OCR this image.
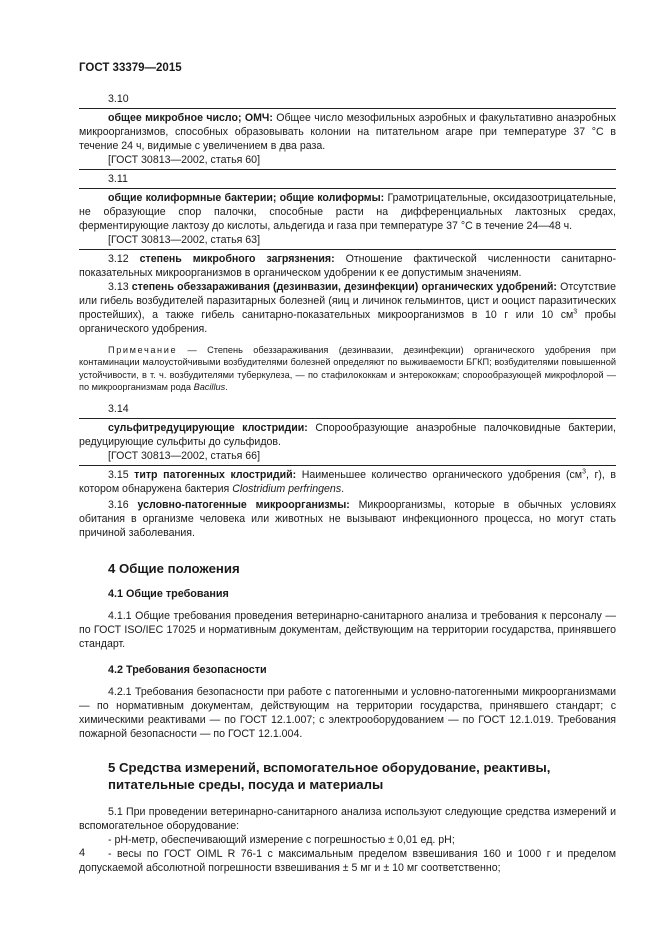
ГОСТ 33379—2015
3.10

общее микробное число; ОМЧ: Общее число мезофильных аэробных и факультативно анаэробных микроорганизмов, способных образовывать колонии на питательном агаре при температуре 37 °С в течение 24 ч, видимые с увеличением в два раза.

[ГОСТ 30813—2002, статья 60]

3.11

общие колиформные бактерии; общие колиформы: Грамотрицательные, оксидазоотрицательные, не образующие спор палочки, способные расти на дифференциальных лактозных средах, ферментирующие лактозу до кислоты, альдегида и газа при температуре 37 °С в течение 24—48 ч.

[ГОСТ 30813—2002, статья 63]

3.12 степень микробного загрязнения: Отношение фактической численности санитарно-показательных микроорганизмов в органическом удобрении к ее допустимым значениям.

3.13 степень обеззараживания (дезинвазии, дезинфекции) органических удобрений: Отсутствие или гибель возбудителей паразитарных болезней (яиц и личинок гельминтов, цист и ооцист паразитических простейших), а также гибель санитарно-показательных микроорганизмов в 10 г или 10 $см^3$ пробы органического удобрения.

Примечание — Степень обеззараживания (дезинвазии, дезинфекции) органического удобрения при контаминации малоустойчивыми возбудителями болезней определяют по выживаемости БГКП; возбудителями повышенной устойчивости, в т. ч. возбудителями туберкулеза, — по стафилококкам и энтерококкам; спорообразующей микрофлорой — по микроорганизмам рода Bacillus.

3.14

сульфитредуцирующие клостридии: Спорообразующие анаэробные палочковидные бактерии, редуцирующие сульфиты до сульфидов.

[ГОСТ 30813—2002, статья 66]

3.15 титр патогенных клостридий: Наименьшее количество органического удобрения ($см^3$, г), в котором обнаружена бактерия Clostridium perfringens.

3.16 условно-патогенные микроорганизмы: Микроорганизмы, которые в обычных условиях обитания в организме человека или животных не вызывают инфекционного процесса, но могут стать причиной заболевания.

4 Общие положения
4.1 Общие требования

4.1.1 Общие требования проведения ветеринарно-санитарного анализа и требования к персоналу — по ГОСТ ISO/IEC 17025 и нормативным документам, действующим на территории государства, принявшего стандарт.

4.2 Требования безопасности

4.2.1 Требования безопасности при работе с патогенными и условно-патогенными микроорганизмами — по нормативным документам, действующим на территории государства, принявшего стандарт; с химическими реактивами — по ГОСТ 12.1.007; с электрооборудованием — по ГОСТ 12.1.019. Требования пожарной безопасности — по ГОСТ 12.1.004.

5 Средства измерений, вспомогательное оборудование, реактивы,
питательные среды, посуда и материалы

5.1 При проведении ветеринарно-санитарного анализа используют следующие средства измерений и вспомогательное оборудование:

- рН-метр, обеспечивающий измерение с погрешностью ± 0,01 ед. рН;

- весы по ГОСТ OIML R 76-1 с максимальным пределом взвешивания 160 и 1000 г и пределом допускаемой абсолютной погрешности взвешивания ± 5 мг и ± 10 мг соответственно;

4
